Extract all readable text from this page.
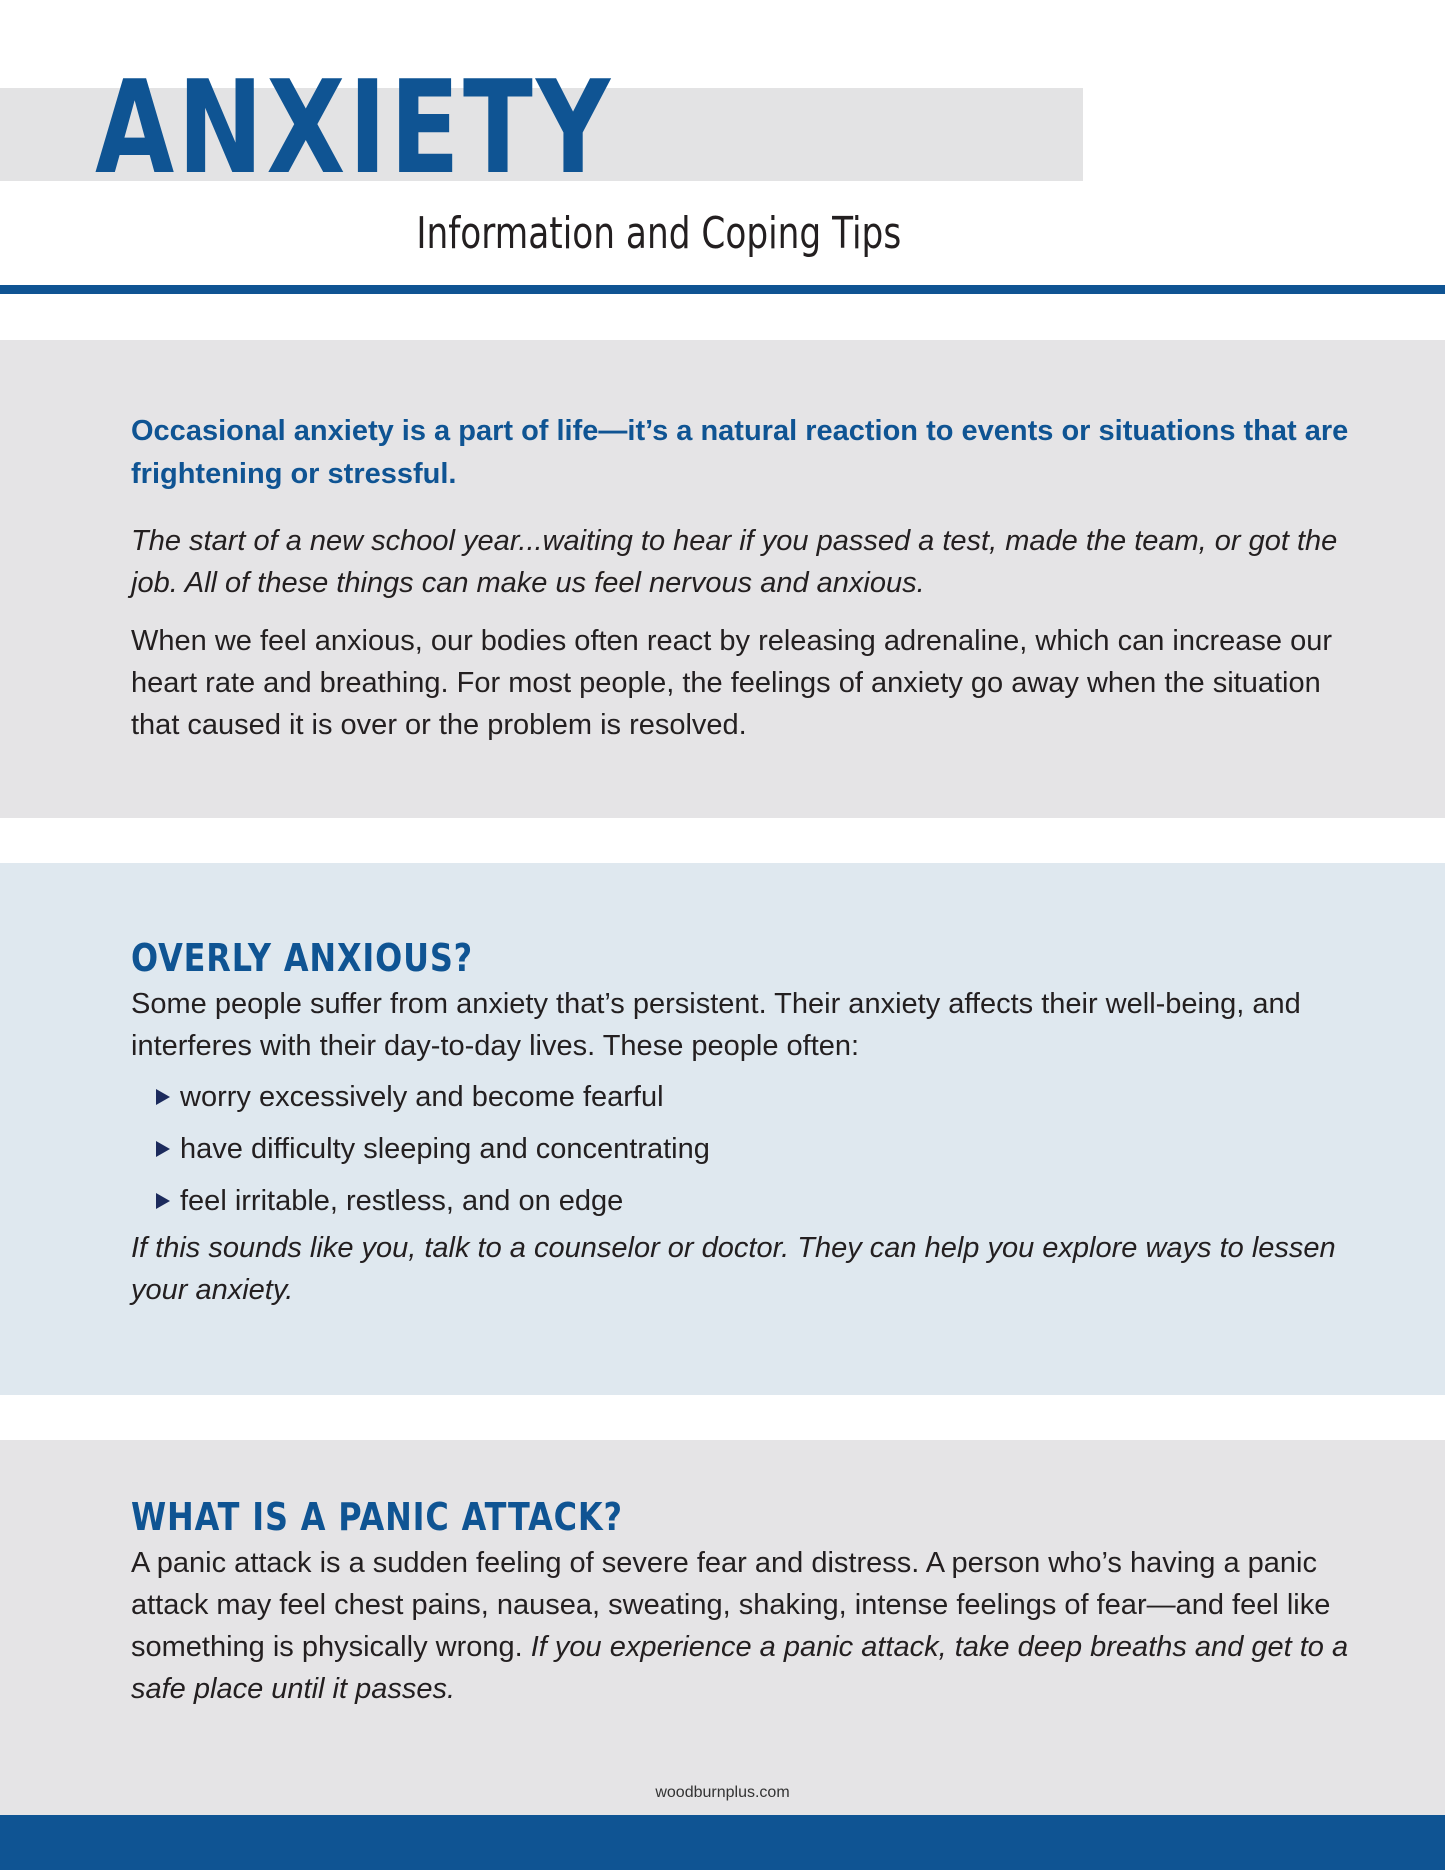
ANXIETY
Information and Coping Tips

Occasional anxiety is a part of life—it’s a natural reaction to events or situations that are frightening or stressful.

The start of a new school year...waiting to hear if you passed a test, made the team, or got the job. All of these things can make us feel nervous and anxious.

When we feel anxious, our bodies often react by releasing adrenaline, which can increase our heart rate and breathing. For most people, the feelings of anxiety go away when the situation that caused it is over or the problem is resolved.

OVERLY ANXIOUS?

Some people suffer from anxiety that’s persistent. Their anxiety affects their well-being, and interferes with their day-to-day lives. These people often:

worry excessively and become fearful
have difficulty sleeping and concentrating
feel irritable, restless, and on edge

If this sounds like you, talk to a counselor or doctor. They can help you explore ways to lessen your anxiety.

WHAT IS A PANIC ATTACK?

A panic attack is a sudden feeling of severe fear and distress. A person who’s having a panic attack may feel chest pains, nausea, sweating, shaking, intense feelings of fear—and feel like something is physically wrong. If you experience a panic attack, take deep breaths and get to a safe place until it passes.

woodburnplus.com
